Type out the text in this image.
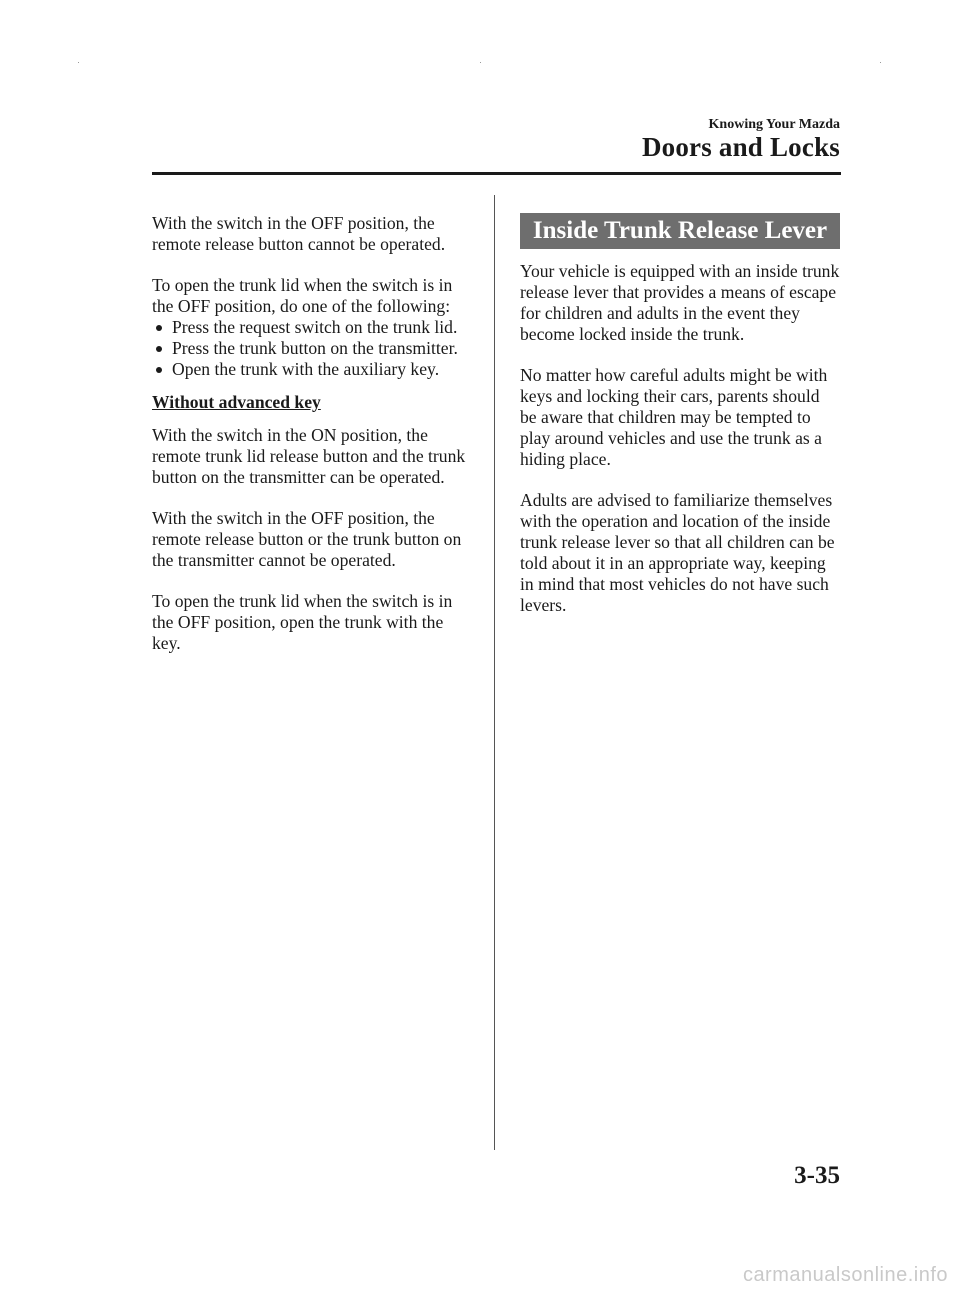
Knowing Your Mazda
Doors and Locks

With the switch in the OFF position, the remote release button cannot be operated.

To open the trunk lid when the switch is in the OFF position, do one of the following:

Press the request switch on the trunk lid.
Press the trunk button on the transmitter.
Open the trunk with the auxiliary key.
Without advanced key

With the switch in the ON position, the remote trunk lid release button and the trunk button on the transmitter can be operated.

With the switch in the OFF position, the remote release button or the trunk button on the transmitter cannot be operated.

To open the trunk lid when the switch is in the OFF position, open the trunk with the key.

Inside Trunk Release Lever

Your vehicle is equipped with an inside trunk release lever that provides a means of escape for children and adults in the event they become locked inside the trunk.

No matter how careful adults might be with keys and locking their cars, parents should be aware that children may be tempted to play around vehicles and use the trunk as a hiding place.

Adults are advised to familiarize themselves with the operation and location of the inside trunk release lever so that all children can be told about it in an appropriate way, keeping in mind that most vehicles do not have such levers.

3-35
carmanualsonline.info
